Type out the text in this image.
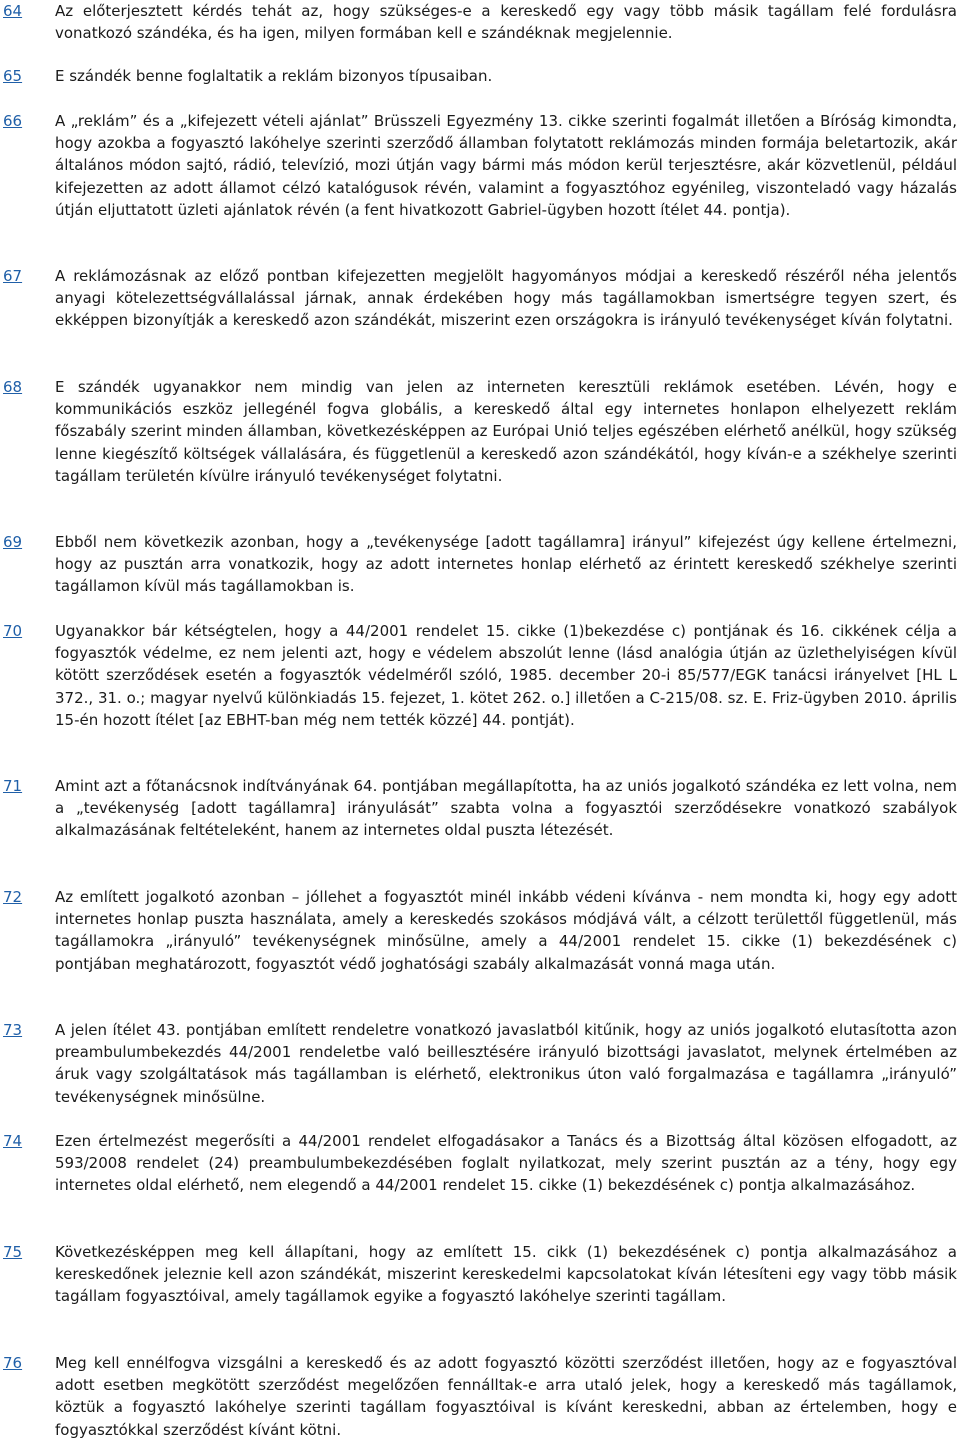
64 Az előterjesztett kérdés tehát az, hogy szükséges-e a kereskedő egy vagy több másik tagállam felé fordulásra vonatkozó szándéka, és ha igen, milyen formában kell e szándéknak megjelennie.

65 E szándék benne foglaltatik a reklám bizonyos típusaiban.

66 A „reklám” és a „kifejezett vételi ajánlat” Brüsszeli Egyezmény 13. cikke szerinti fogalmát illetően a Bíróság kimondta, hogy azokba a fogyasztó lakóhelye szerinti szerződő államban folytatott reklámozás minden formája beletartozik, akár általános módon sajtó, rádió, televízió, mozi útján vagy bármi más módon kerül terjesztésre, akár közvetlenül, például kifejezetten az adott államot célzó katalógusok révén, valamint a fogyasztóhoz egyénileg, viszonteladó vagy házalás útján eljuttatott üzleti ajánlatok révén (a fent hivatkozott Gabriel-ügyben hozott ítélet 44. pontja).

67 A reklámozásnak az előző pontban kifejezetten megjelölt hagyományos módjai a kereskedő részéről néha jelentős anyagi kötelezettségvállalással járnak, annak érdekében hogy más tagállamokban ismertségre tegyen szert, és ekképpen bizonyítják a kereskedő azon szándékát, miszerint ezen országokra is irányuló tevékenységet kíván folytatni.

68 E szándék ugyanakkor nem mindig van jelen az interneten keresztüli reklámok esetében. Lévén, hogy e kommunikációs eszköz jellegénél fogva globális, a kereskedő által egy internetes honlapon elhelyezett reklám főszabály szerint minden államban, következésképpen az Európai Unió teljes egészében elérhető anélkül, hogy szükség lenne kiegészítő költségek vállalására, és függetlenül a kereskedő azon szándékától, hogy kíván-e a székhelye szerinti tagállam területén kívülre irányuló tevékenységet folytatni.

69 Ebből nem következik azonban, hogy a „tevékenysége [adott tagállamra] irányul” kifejezést úgy kellene értelmezni, hogy az pusztán arra vonatkozik, hogy az adott internetes honlap elérhető az érintett kereskedő székhelye szerinti tagállamon kívül más tagállamokban is.

70 Ugyanakkor bár kétségtelen, hogy a 44/2001 rendelet 15. cikke (1)bekezdése c) pontjának és 16. cikkének célja a fogyasztók védelme, ez nem jelenti azt, hogy e védelem abszolút lenne (lásd analógia útján az üzlethelyiségen kívül kötött szerződések esetén a fogyasztók védelméről szóló, 1985. december 20-i 85/577/EGK tanácsi irányelvet [HL L 372., 31. o.; magyar nyelvű különkiadás 15. fejezet, 1. kötet 262. o.] illetően a C-215/08. sz. E. Friz-ügyben 2010. április 15-én hozott ítélet [az EBHT-ban még nem tették közzé] 44. pontját).

71 Amint azt a főtanácsnok indítványának 64. pontjában megállapította, ha az uniós jogalkotó szándéka ez lett volna, nem a „tevékenység [adott tagállamra] irányulását” szabta volna a fogyasztói szerződésekre vonatkozó szabályok alkalmazásának feltételeként, hanem az internetes oldal puszta létezését.

72 Az említett jogalkotó azonban – jóllehet a fogyasztót minél inkább védeni kívánva - nem mondta ki, hogy egy adott internetes honlap puszta használata, amely a kereskedés szokásos módjává vált, a célzott területtől függetlenül, más tagállamokra „irányuló” tevékenységnek minősülne, amely a 44/2001 rendelet 15. cikke (1) bekezdésének c) pontjában meghatározott, fogyasztót védő joghatósági szabály alkalmazását vonná maga után.

73 A jelen ítélet 43. pontjában említett rendeletre vonatkozó javaslatból kitűnik, hogy az uniós jogalkotó elutasította azon preambulumbekezdés 44/2001 rendeletbe való beillesztésére irányuló bizottsági javaslatot, melynek értelmében az áruk vagy szolgáltatások más tagállamban is elérhető, elektronikus úton való forgalmazása e tagállamra „irányuló” tevékenységnek minősülne.

74 Ezen értelmezést megerősíti a 44/2001 rendelet elfogadásakor a Tanács és a Bizottság által közösen elfogadott, az 593/2008 rendelet (24) preambulumbekezdésében foglalt nyilatkozat, mely szerint pusztán az a tény, hogy egy internetes oldal elérhető, nem elegendő a 44/2001 rendelet 15. cikke (1) bekezdésének c) pontja alkalmazásához.

75 Következésképpen meg kell állapítani, hogy az említett 15. cikk (1) bekezdésének c) pontja alkalmazásához a kereskedőnek jeleznie kell azon szándékát, miszerint kereskedelmi kapcsolatokat kíván létesíteni egy vagy több másik tagállam fogyasztóival, amely tagállamok egyike a fogyasztó lakóhelye szerinti tagállam.

76 Meg kell ennélfogva vizsgálni a kereskedő és az adott fogyasztó közötti szerződést illetően, hogy az e fogyasztóval adott esetben megkötött szerződést megelőzően fennálltak-e arra utaló jelek, hogy a kereskedő más tagállamok, köztük a fogyasztó lakóhelye szerinti tagállam fogyasztóival is kívánt kereskedni, abban az értelemben, hogy e fogyasztókkal szerződést kívánt kötni.
